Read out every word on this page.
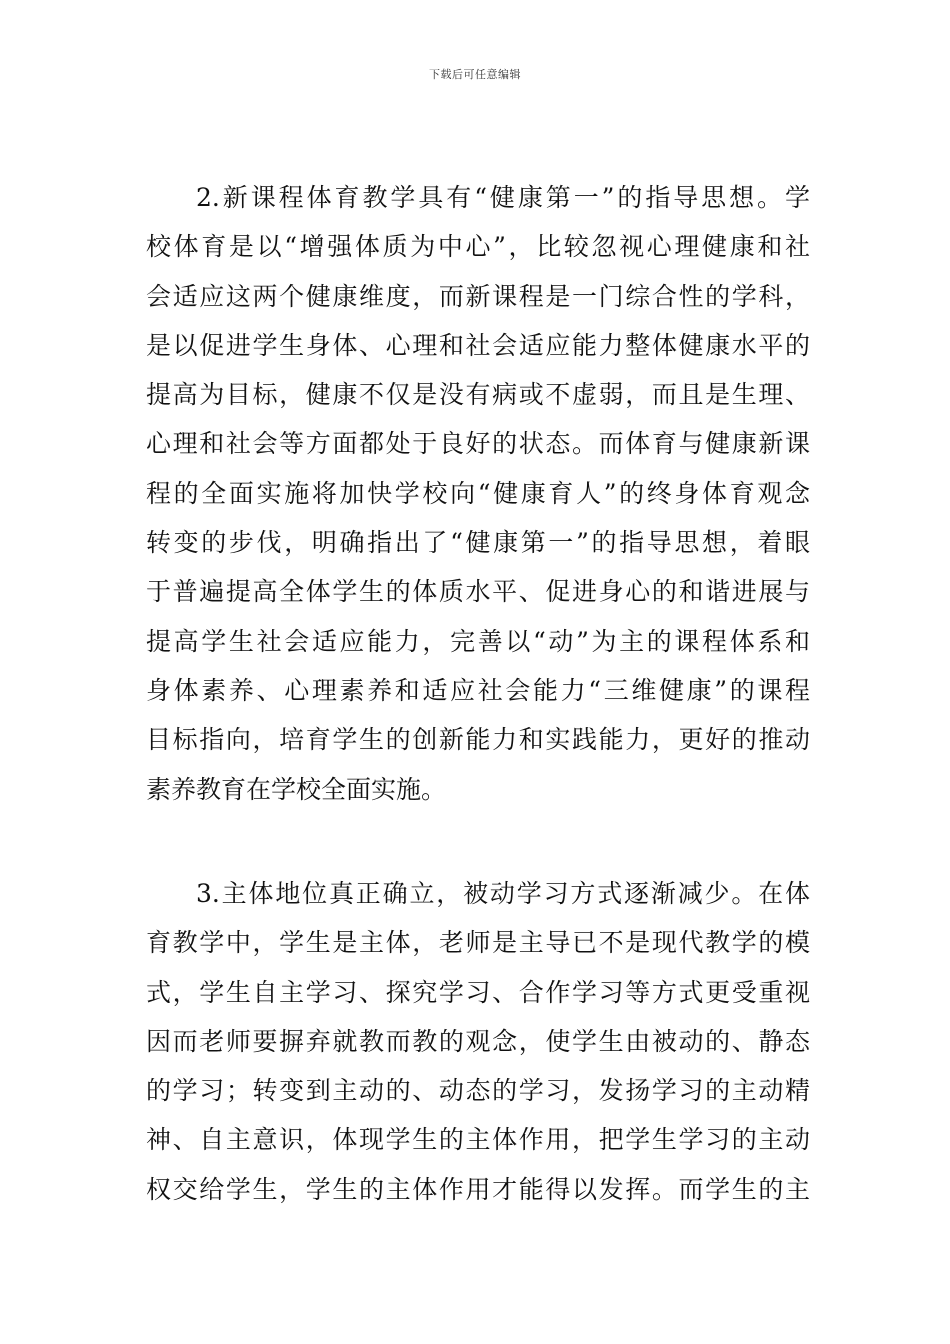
下载后可任意编辑
2.新课程体育教学具有“健康第一”的指导思想。学
校体育是以“增强体质为中心”，比较忽视心理健康和社
会适应这两个健康维度，而新课程是一门综合性的学科，
是以促进学生身体、心理和社会适应能力整体健康水平的
提高为目标，健康不仅是没有病或不虚弱，而且是生理、
心理和社会等方面都处于良好的状态。而体育与健康新课
程的全面实施将加快学校向“健康育人”的终身体育观念
转变的步伐，明确指出了“健康第一”的指导思想，着眼
于普遍提高全体学生的体质水平、促进身心的和谐进展与
提高学生社会适应能力，完善以“动”为主的课程体系和
身体素养、心理素养和适应社会能力“三维健康”的课程
目标指向，培育学生的创新能力和实践能力，更好的推动
素养教育在学校全面实施。
3.主体地位真正确立，被动学习方式逐渐减少。在体
育教学中，学生是主体，老师是主导已不是现代教学的模
式，学生自主学习、探究学习、合作学习等方式更受重视
因而老师要摒弃就教而教的观念，使学生由被动的、静态
的学习；转变到主动的、动态的学习，发扬学习的主动精
神、自主意识，体现学生的主体作用，把学生学习的主动
权交给学生，学生的主体作用才能得以发挥。而学生的主
